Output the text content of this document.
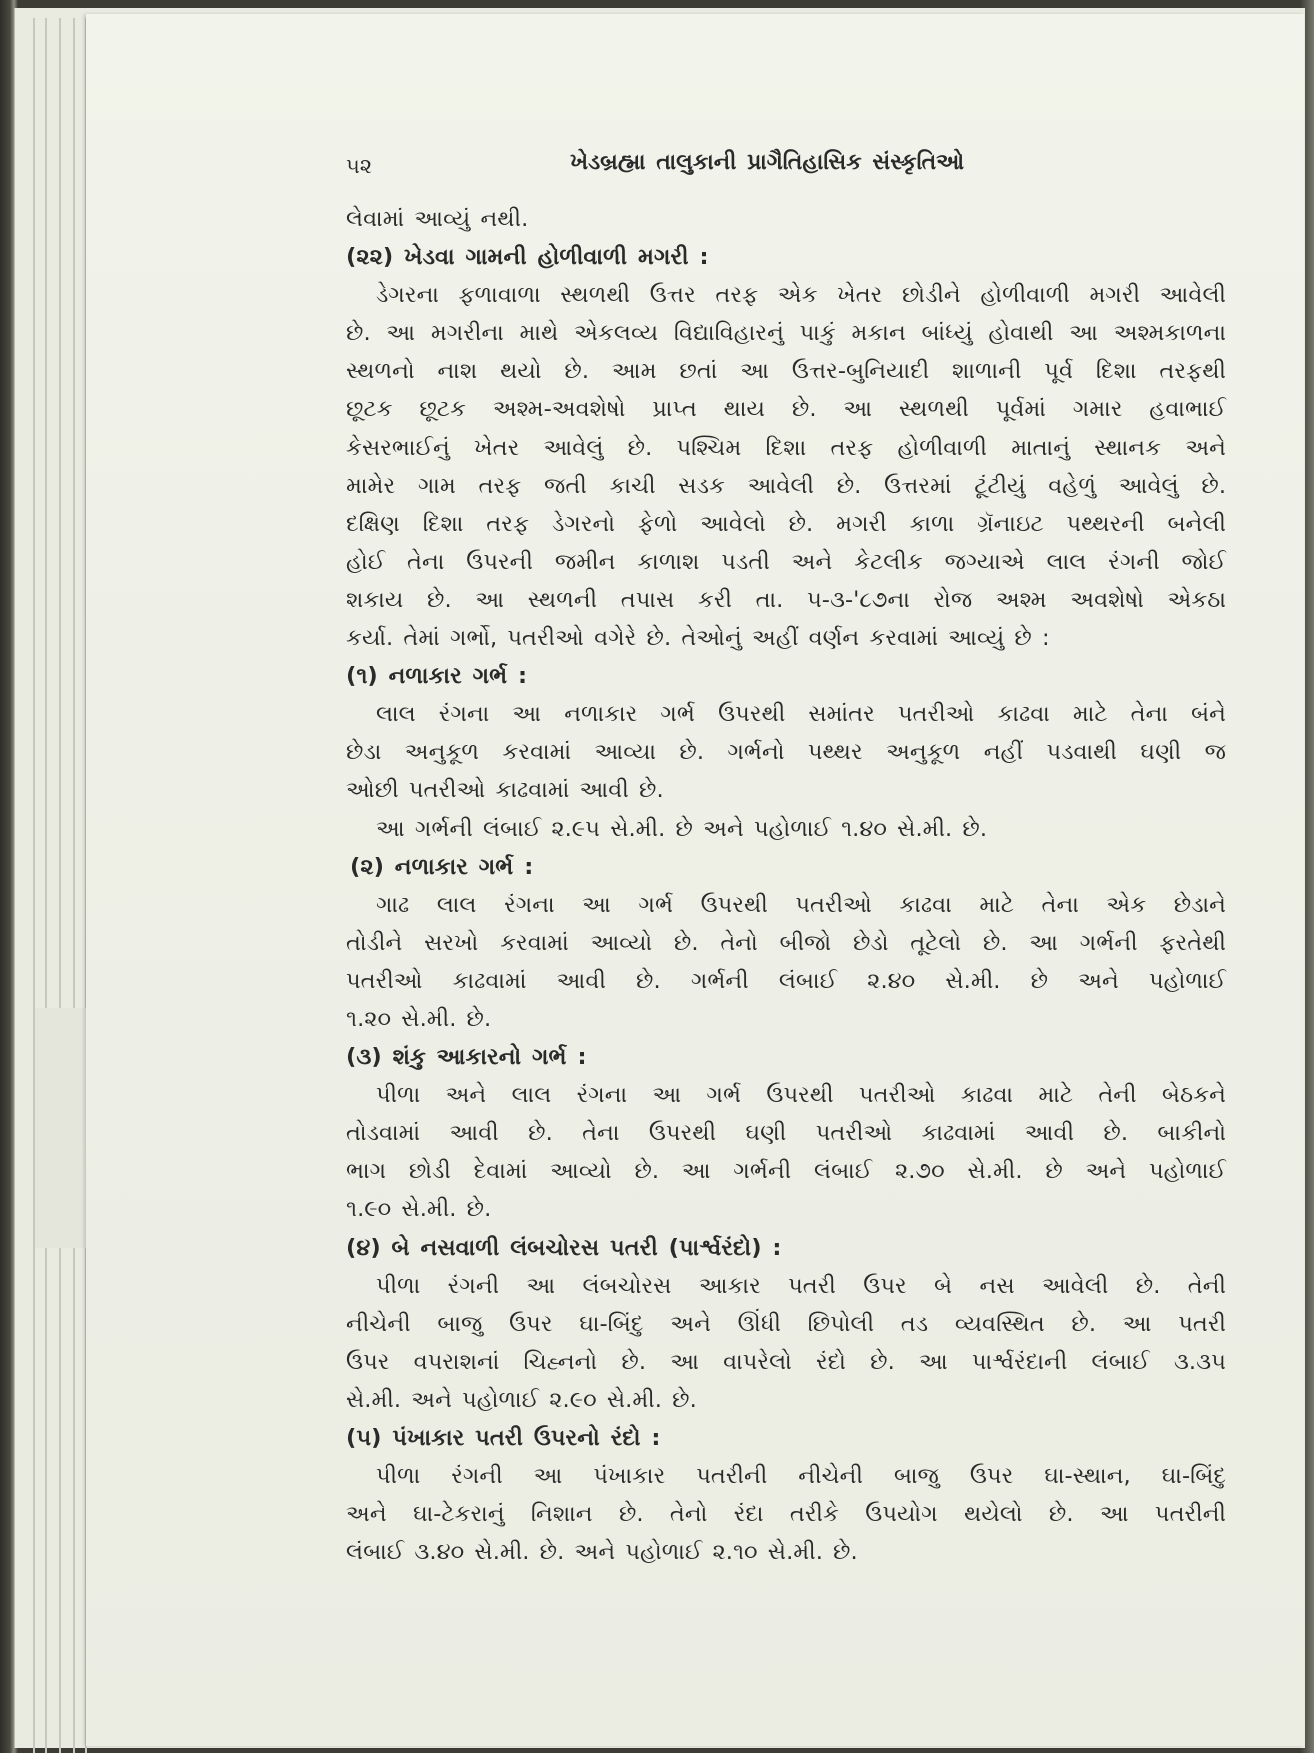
૫૨	ખેડબ્રહ્મા તાલુકાની પ્રાગૈતિહાસિક સંસ્કૃતિઓ
લેવામાં આવ્યું નથી.
(૨૨) ખેડવા ગામની હોળીવાળી મગરી :
ડેગરના ફળાવાળા સ્થળથી ઉત્તર તરફ એક ખેતર છોડીને હોળીવાળી મગરી આવેલી
છે. આ મગરીના માથે એકલવ્ય વિદ્યાવિહારનું પાકું મકાન બાંધ્યું હોવાથી આ અશ્મકાળના
સ્થળનો નાશ થયો છે. આમ છતાં આ ઉત્તર-બુનિયાદી શાળાની પૂર્વ દિશા તરફથી
છૂટક છૂટક અશ્મ-અવશેષો પ્રાપ્ત થાય છે. આ સ્થળથી પૂર્વમાં ગમાર હવાભાઈ
કેસરભાઈનું ખેતર આવેલું છે. પશ્ચિમ દિશા તરફ હોળીવાળી માતાનું સ્થાનક અને
મામેર ગામ તરફ જતી કાચી સડક આવેલી છે. ઉત્તરમાં ટૂંટીયું વહેળું આવેલું છે.
દક્ષિણ દિશા તરફ ડેગરનો ફેળો આવેલો છે. મગરી કાળા ગ્રૅનાઇટ પથ્થરની બનેલી
હોઈ તેના ઉપરની જમીન કાળાશ પડતી અને કેટલીક જગ્યાએ લાલ રંગની જોઈ
શકાય છે. આ સ્થળની તપાસ કરી તા. ૫-૩-'૮૭ના રોજ અશ્મ અવશેષો એકઠા
કર્યા. તેમાં ગર્ભો, પતરીઓ વગેરે છે. તેઓનું અહીં વર્ણન કરવામાં આવ્યું છે :
(૧) નળાકાર ગર્ભ :
લાલ રંગના આ નળાકાર ગર્ભ ઉપરથી સમાંતર પતરીઓ કાઢવા માટે તેના બંને
છેડા અનુકૂળ કરવામાં આવ્યા છે. ગર્ભનો પથ્થર અનુકૂળ નહીં પડવાથી ઘણી જ
ઓછી પતરીઓ કાઢવામાં આવી છે.
આ ગર્ભની લંબાઈ ૨.૯૫ સે.મી. છે અને પહોળાઈ ૧.૪૦ સે.મી. છે.
(૨) નળાકાર ગર્ભ :
ગાઢ લાલ રંગના આ ગર્ભ ઉપરથી પતરીઓ કાઢવા માટે તેના એક છેડાને
તોડીને સરખો કરવામાં આવ્યો છે. તેનો બીજો છેડો તૂટેલો છે. આ ગર્ભની ફરતેથી
પતરીઓ કાઢવામાં આવી છે. ગર્ભની લંબાઈ ૨.૪૦ સે.મી. છે અને પહોળાઈ
૧.૨૦ સે.મી. છે.
(૩) શંકુ આકારનો ગર્ભ :
પીળા અને લાલ રંગના આ ગર્ભ ઉપરથી પતરીઓ કાઢવા માટે તેની બેઠકને
તોડવામાં આવી છે. તેના ઉપરથી ઘણી પતરીઓ કાઢવામાં આવી છે. બાકીનો
ભાગ છોડી દેવામાં આવ્યો છે. આ ગર્ભની લંબાઈ ૨.૭૦ સે.મી. છે અને પહોળાઈ
૧.૯૦ સે.મી. છે.
(૪) બે નસવાળી લંબચોરસ પતરી (પાર્શ્વરંદો) :
પીળા રંગની આ લંબચોરસ આકાર પતરી ઉપર બે નસ આવેલી છે. તેની
નીચેની બાજુ ઉપર ઘા-બિંદુ અને ઊંધી છિપોલી તડ વ્યવસ્થિત છે. આ પતરી
ઉપર વપરાશનાં ચિહ્નનો છે. આ વાપરેલો રંદો છે. આ પાર્શ્વરંદાની લંબાઈ ૩.૩૫
સે.મી. અને પહોળાઈ ૨.૯૦ સે.મી. છે.
(૫) પંખાકાર પતરી ઉપરનો રંદો :
પીળા રંગની આ પંખાકાર પતરીની નીચેની બાજુ ઉપર ઘા-સ્થાન, ઘા-બિંદુ
અને ઘા-ટેકરાનું નિશાન છે. તેનો રંદા તરીકે ઉપયોગ થયેલો છે. આ પતરીની
લંબાઈ ૩.૪૦ સે.મી. છે. અને પહોળાઈ ૨.૧૦ સે.મી. છે.
